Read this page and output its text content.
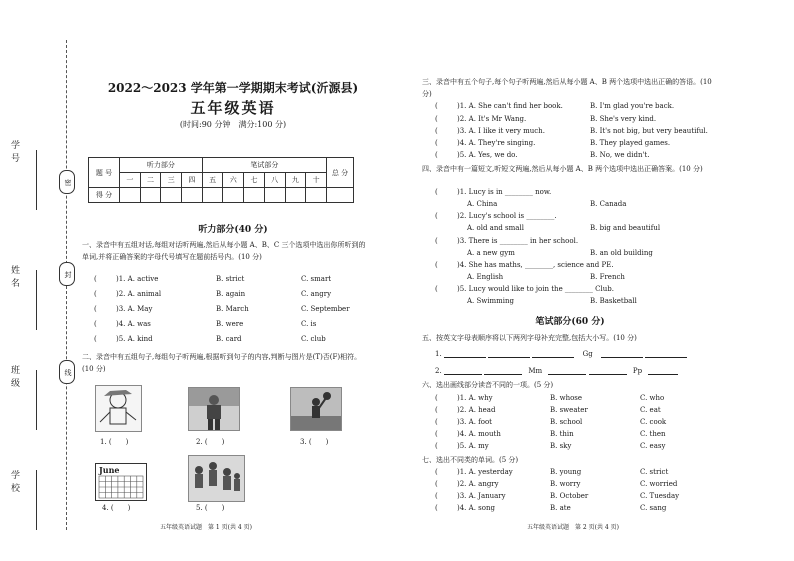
学号
姓名
班级
学校
密
封
线
2022～2023 学年第一学期期末考试(沂源县)
五年级英语
(时间:90 分钟　满分:100 分)
题 号	听力部分				笔试部分						总 分
	一	二	三	四	五	六	七	八	九	十	
得 分											
听力部分(40 分)
一、录音中有五组对话,每组对话听两遍,然后从每小题 A、B、C 三个选项中选出你所听到的单词,并将正确答案的字母代号填写在题前括号内。(10 分)
(	)1. A. active	B. strict	C. smart
(	)2. A. animal	B. again	C. angry
(	)3. A. May	B. March	C. September
(	)4. A. was	B. were	C. is
(	)5. A. kind	B. card	C. club
二、录音中有五组句子,每组句子听两遍,根据听到句子的内容,判断与图片是(T)否(F)相符。(10 分)
1. (　　)	2. (　　)	3. (　　)
June
4. (　　)	5. (　　)
五年级英语试题　第 1 页(共 4 页)
三、录音中有五个句子,每个句子听两遍,然后从每小题 A、B 两个选项中选出正确的答语。(10 分)
(	)1. A. She can't find her book.	B. I'm glad you're back.
(	)2. A. It's Mr Wang.	B. She's very kind.
(	)3. A. I like it very much.	B. It's not big, but very beautiful.
(	)4. A. They're singing.	B. They played games.
(	)5. A. Yes, we do.	B. No, we didn't.
四、录音中有一篇短文,听短文两遍,然后从每小题 A、B 两个选项中选出正确答案。(10 分)
(	)1. Lucy is in ________ now.
A. China	B. Canada
(	)2. Lucy's school is ________.
A. old and small	B. big and beautiful
(	)3. There is ________ in her school.
A. a new gym	B. an old building
(	)4. She has maths, ________, science and PE.
A. English	B. French
(	)5. Lucy would like to join the ________ Club.
A. Swimming	B. Basketball
笔试部分(60 分)
五、按英文字母表顺序将以下两列字母补充完整,包括大小写。(10 分)
1.	Gg
2.	Mm	Pp
六、选出画线部分读音不同的一项。(5 分)
(	)1. A. why	B. whose	C. who
(	)2. A. head	B. sweater	C. eat
(	)3. A. foot	B. school	C. cook
(	)4. A. mouth	B. thin	C. then
(	)5. A. my	B. sky	C. easy
七、选出不同类的单词。(5 分)
(	)1. A. yesterday	B. young	C. strict
(	)2. A. angry	B. worry	C. worried
(	)3. A. January	B. October	C. Tuesday
(	)4. A. song	B. ate	C. sang
五年级英语试题　第 2 页(共 4 页)
